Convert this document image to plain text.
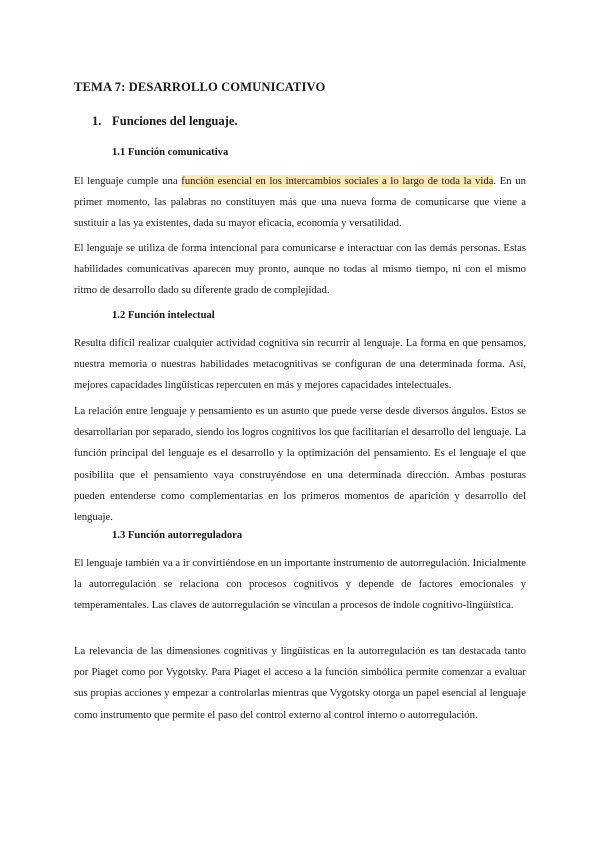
TEMA 7: DESARROLLO COMUNICATIVO
1. Funciones del lenguaje.
1.1 Función comunicativa

El lenguaje cumple una función esencial en los intercambios sociales a lo largo de toda la vida. En un primer momento, las palabras no constituyen más que una nueva forma de comunicarse que viene a sustituir a las ya existentes, dada su mayor eficacia, economía y versatilidad.

El lenguaje se utiliza de forma intencional para comunicarse e interactuar con las demás personas. Estas habilidades comunicativas aparecen muy pronto, aunque no todas al mismo tiempo, ni con el mismo ritmo de desarrollo dado su diferente grado de complejidad.

1.2 Función intelectual

Resulta difícil realizar cualquier actividad cognitiva sin recurrir al lenguaje. La forma en que pensamos, nuestra memoria o nuestras habilidades metacognitivas se configuran de una determinada forma. Así, mejores capacidades lingüísticas repercuten en más y mejores capacidades intelectuales.

La relación entre lenguaje y pensamiento es un asunto que puede verse desde diversos ángulos. Estos se desarrollarían por separado, siendo los logros cognitivos los que facilitarían el desarrollo del lenguaje. La función principal del lenguaje es el desarrollo y la optimización del pensamiento. Es el lenguaje el que posibilita que el pensamiento vaya construyéndose en una determinada dirección. Ambas posturas pueden entenderse como complementarias en los primeros momentos de aparición y desarrollo del lenguaje.

1.3 Función autorreguladora

El lenguaje también va a ir convirtiéndose en un importante instrumento de autorregulación. Inicialmente la autorregulación se relaciona con procesos cognitivos y depende de factores emocionales y temperamentales. Las claves de autorregulación se vinculan a procesos de índole cognitivo-lingüística.

La relevancia de las dimensiones cognitivas y lingüísticas en la autorregulación es tan destacada tanto por Piaget como por Vygotsky. Para Piaget el acceso a la función simbólica permite comenzar a evaluar sus propias acciones y empezar a controlarlas mientras que Vygotsky otorga un papel esencial al lenguaje como instrumento que permite el paso del control externo al control interno o autorregulación.
